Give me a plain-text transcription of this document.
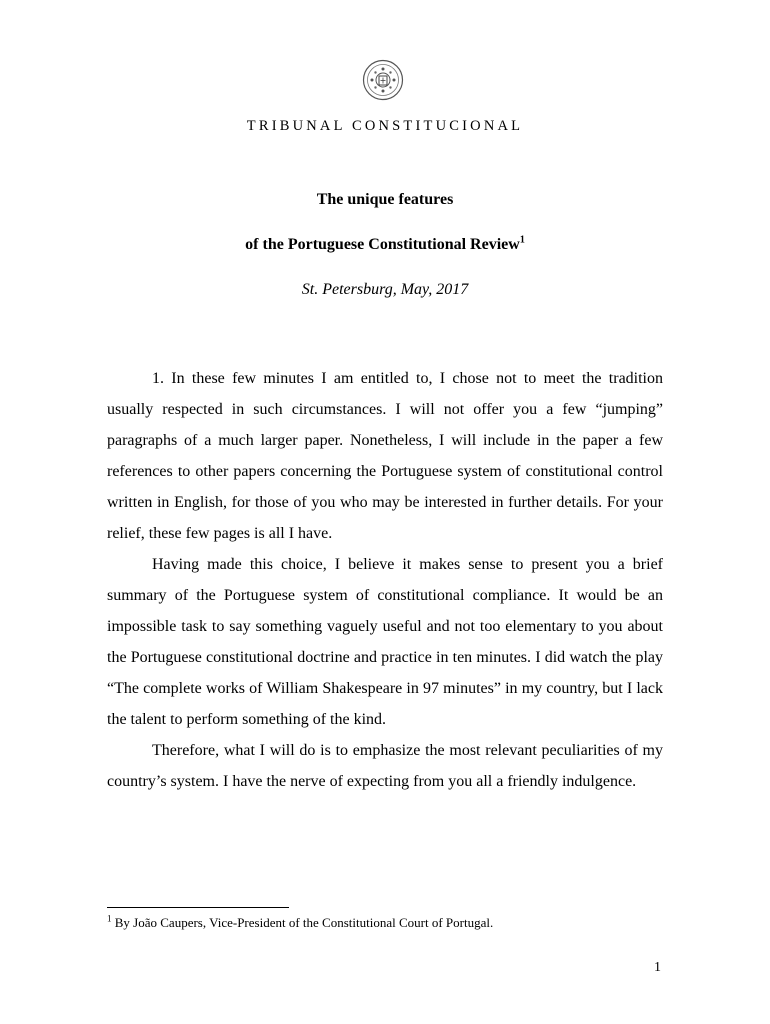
TRIBUNAL CONSTITUCIONAL
The unique features
of the Portuguese Constitutional Review$^1$
St. Petersburg, May, 2017

1. In these few minutes I am entitled to, I chose not to meet the tradition usually respected in such circumstances. I will not offer you a few “jumping” paragraphs of a much larger paper. Nonetheless, I will include in the paper a few references to other papers concerning the Portuguese system of constitutional control written in English, for those of you who may be interested in further details. For your relief, these few pages is all I have.

Having made this choice, I believe it makes sense to present you a brief summary of the Portuguese system of constitutional compliance. It would be an impossible task to say something vaguely useful and not too elementary to you about the Portuguese constitutional doctrine and practice in ten minutes. I did watch the play “The complete works of William Shakespeare in 97 minutes” in my country, but I lack the talent to perform something of the kind.

Therefore, what I will do is to emphasize the most relevant peculiarities of my country’s system. I have the nerve of expecting from you all a friendly indulgence.

$^1$ By João Caupers, Vice-President of the Constitutional Court of Portugal.
1
